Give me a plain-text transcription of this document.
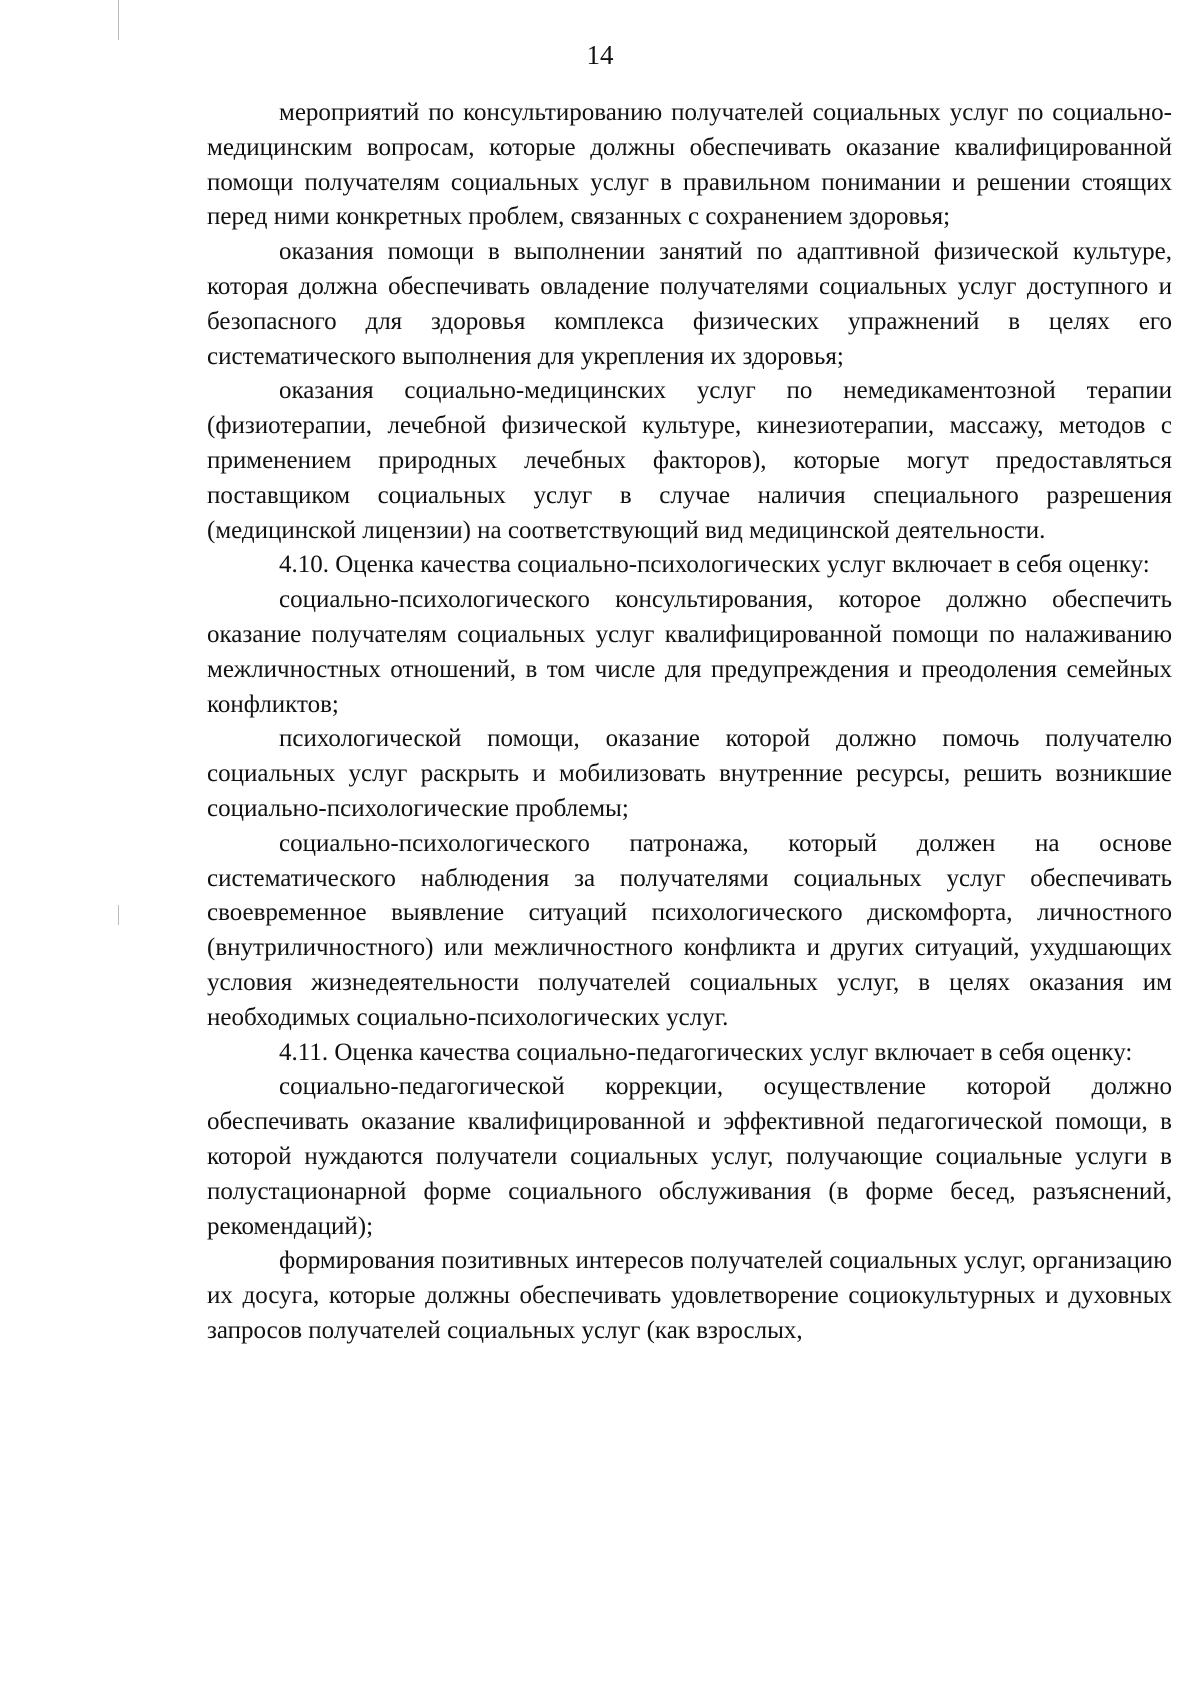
14

мероприятий по консультированию получателей социальных услуг по социально-медицинским вопросам, которые должны обеспечивать оказание квалифицированной помощи получателям социальных услуг в правильном понимании и решении стоящих перед ними конкретных проблем, связанных с сохранением здоровья;

оказания помощи в выполнении занятий по адаптивной физической культуре, которая должна обеспечивать овладение получателями социальных услуг доступного и безопасного для здоровья комплекса физических упражнений в целях его систематического выполнения для укрепления их здоровья;

оказания социально-медицинских услуг по немедикаментозной терапии (физиотерапии, лечебной физической культуре, кинезиотерапии, массажу, методов с применением природных лечебных факторов), которые могут предоставляться поставщиком социальных услуг в случае наличия специального разрешения (медицинской лицензии) на соответствующий вид медицинской деятельности.

4.10. Оценка качества социально-психологических услуг включает в себя оценку:

социально-психологического консультирования, которое должно обеспечить оказание получателям социальных услуг квалифицированной помощи по налаживанию межличностных отношений, в том числе для предупреждения и преодоления семейных конфликтов;

психологической помощи, оказание которой должно помочь получателю социальных услуг раскрыть и мобилизовать внутренние ресурсы, решить возникшие социально-психологические проблемы;

социально-психологического патронажа, который должен на основе систематического наблюдения за получателями социальных услуг обеспечивать своевременное выявление ситуаций психологического дискомфорта, личностного (внутриличностного) или межличностного конфликта и других ситуаций, ухудшающих условия жизнедеятельности получателей социальных услуг, в целях оказания им необходимых социально-психологических услуг.

4.11. Оценка качества социально-педагогических услуг включает в себя оценку:

социально-педагогической коррекции, осуществление которой должно обеспечивать оказание квалифицированной и эффективной педагогической помощи, в которой нуждаются получатели социальных услуг, получающие социальные услуги в полустационарной форме социального обслуживания (в форме бесед, разъяснений, рекомендаций);

формирования позитивных интересов получателей социальных услуг, организацию их досуга, которые должны обеспечивать удовлетворение социокультурных и духовных запросов получателей социальных услуг (как взрослых,
